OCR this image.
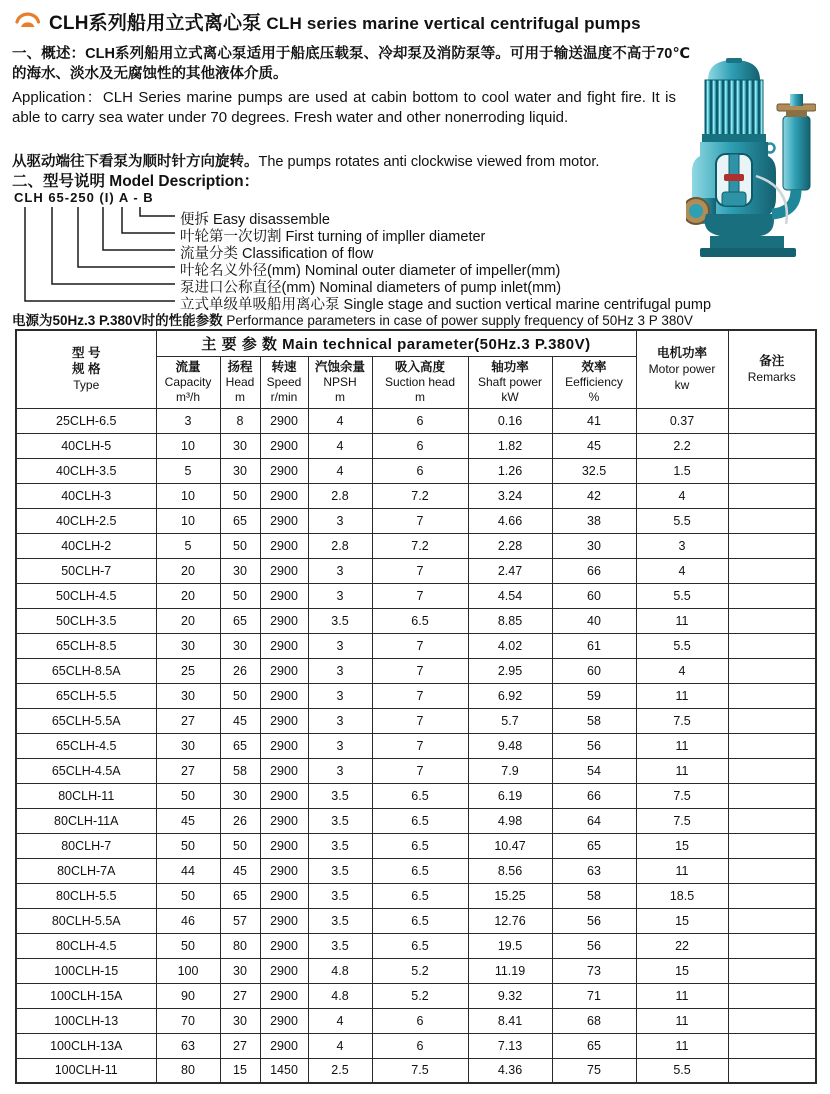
CLH系列船用立式离心泵 CLH series marine vertical centrifugal pumps

一、概述：CLH系列船用立式离心泵适用于船底压载泵、冷却泵及消防泵等。可用于输送温度不高于70℃的海水、淡水及无腐蚀性的其他液体介质。

Application：CLH Series marine pumps are used at cabin bottom to cool water and fight fire. It is able to carry sea water under 70 degrees. Fresh water and other nonerroding liquid.

从驱动端往下看泵为顺时针方向旋转。The pumps rotates anti clockwise viewed from motor.

二、型号说明 Model Description：
CLH 65-250 (I) A - B
便拆 Easy disassemble
叶轮第一次切割 First turning of impller diameter
流量分类 Classification of flow
叶轮名义外径(mm) Nominal outer diameter of impeller(mm)
泵进口公称直径(mm) Nominal diameters of pump inlet(mm)
立式单级单吸船用离心泵 Single stage and suction vertical marine centrifugal pump

电源为50Hz.3 P.380V时的性能参数 Performance parameters in case of power supply frequency of 50Hz 3 P 380V

型 号
规 格
Type	主 要 参 数 Main technical parameter(50Hz.3 P.380V)							电机功率
Motor power
kw	备注
Remarks

	流量
Capacity
m³/h	扬程
Head
m	转速
Speed
r/min	汽蚀余量
NPSH
m	吸入高度
Suction head
m	轴功率
Shaft power
kW	效率
Eefficiency
%		

25CLH-6.5	3	8	2900	4	6	0.16	41	0.37	
40CLH-5	10	30	2900	4	6	1.82	45	2.2	
40CLH-3.5	5	30	2900	4	6	1.26	32.5	1.5	
40CLH-3	10	50	2900	2.8	7.2	3.24	42	4	
40CLH-2.5	10	65	2900	3	7	4.66	38	5.5	
40CLH-2	5	50	2900	2.8	7.2	2.28	30	3	
50CLH-7	20	30	2900	3	7	2.47	66	4	
50CLH-4.5	20	50	2900	3	7	4.54	60	5.5	
50CLH-3.5	20	65	2900	3.5	6.5	8.85	40	11	
65CLH-8.5	30	30	2900	3	7	4.02	61	5.5	
65CLH-8.5A	25	26	2900	3	7	2.95	60	4	
65CLH-5.5	30	50	2900	3	7	6.92	59	11	
65CLH-5.5A	27	45	2900	3	7	5.7	58	7.5	
65CLH-4.5	30	65	2900	3	7	9.48	56	11	
65CLH-4.5A	27	58	2900	3	7	7.9	54	11	
80CLH-11	50	30	2900	3.5	6.5	6.19	66	7.5	
80CLH-11A	45	26	2900	3.5	6.5	4.98	64	7.5	
80CLH-7	50	50	2900	3.5	6.5	10.47	65	15	
80CLH-7A	44	45	2900	3.5	6.5	8.56	63	11	
80CLH-5.5	50	65	2900	3.5	6.5	15.25	58	18.5	
80CLH-5.5A	46	57	2900	3.5	6.5	12.76	56	15	
80CLH-4.5	50	80	2900	3.5	6.5	19.5	56	22	
100CLH-15	100	30	2900	4.8	5.2	11.19	73	15	
100CLH-15A	90	27	2900	4.8	5.2	9.32	71	11	
100CLH-13	70	30	2900	4	6	8.41	68	11	
100CLH-13A	63	27	2900	4	6	7.13	65	11	
100CLH-11	80	15	1450	2.5	7.5	4.36	75	5.5	
